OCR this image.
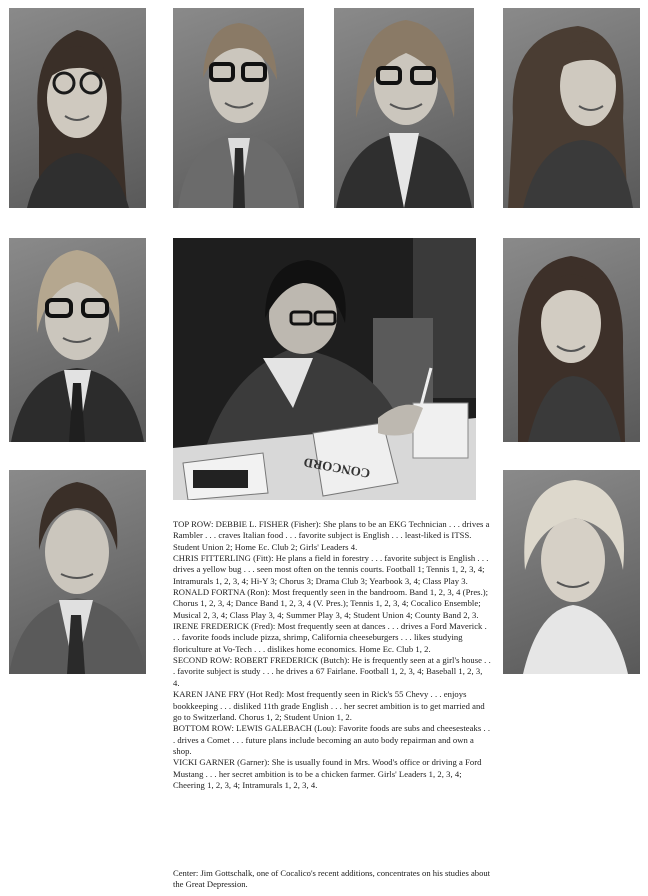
CONCORD

TOP ROW: DEBBIE L. FISHER (Fisher): She plans to be an EKG Technician . . . drives a Rambler . . . craves Italian food . . . favorite subject is English . . . least-liked is ITSS. Student Union 2; Home Ec. Club 2; Girls' Leaders 4.

CHRIS FITTERLING (Fitt): He plans a field in forestry . . . favorite subject is English . . . drives a yellow bug . . . seen most often on the tennis courts. Football 1; Tennis 1, 2, 3, 4; Intramurals 1, 2, 3, 4; Hi-Y 3; Chorus 3; Drama Club 3; Yearbook 3, 4; Class Play 3.

RONALD FORTNA (Ron): Most frequently seen in the bandroom. Band 1, 2, 3, 4 (Pres.); Chorus 1, 2, 3, 4; Dance Band 1, 2, 3, 4 (V. Pres.); Tennis 1, 2, 3, 4; Cocalico Ensemble; Musical 2, 3, 4; Class Play 3, 4; Summer Play 3, 4; Student Union 4; County Band 2, 3.

IRENE FREDERICK (Fred): Most frequently seen at dances . . . drives a Ford Maverick . . . favorite foods include pizza, shrimp, California cheeseburgers . . . likes studying floriculture at Vo-Tech . . . dislikes home economics. Home Ec. Club 1, 2.

SECOND ROW: ROBERT FREDERICK (Butch): He is frequently seen at a girl's house . . . favorite subject is study . . . he drives a 67 Fairlane. Football 1, 2, 3, 4; Baseball 1, 2, 3, 4.

KAREN JANE FRY (Hot Red): Most frequently seen in Rick's 55 Chevy . . . enjoys bookkeeping . . . disliked 11th grade English . . . her secret ambition is to get married and go to Switzerland. Chorus 1, 2; Student Union 1, 2.

BOTTOM ROW: LEWIS GALEBACH (Lou): Favorite foods are subs and cheesesteaks . . . drives a Comet . . . future plans include becoming an auto body repairman and own a shop.

VICKI GARNER (Garner): She is usually found in Mrs. Wood's office or driving a Ford Mustang . . . her secret ambition is to be a chicken farmer. Girls' Leaders 1, 2, 3, 4; Cheering 1, 2, 3, 4; Intramurals 1, 2, 3, 4.

Center: Jim Gottschalk, one of Cocalico's recent additions, concentrates on his studies about the Great Depression.
